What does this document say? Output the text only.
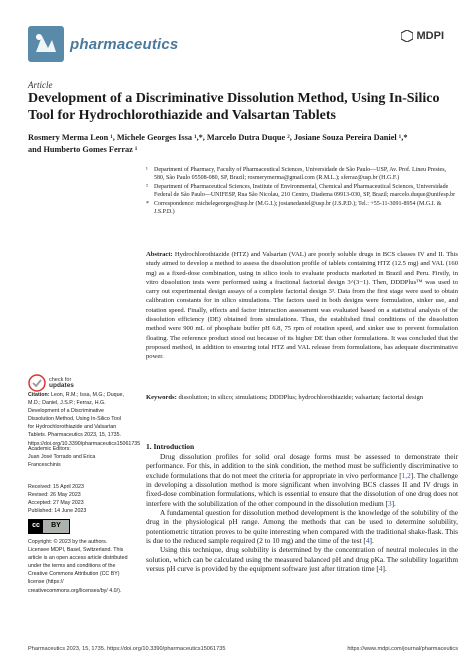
pharmaceutics	MDPI
Article
Development of a Discriminative Dissolution Method, Using In-Silico Tool for Hydrochlorothiazide and Valsartan Tablets
Rosmery Merma Leon ¹, Michele Georges Issa ¹,*, Marcelo Dutra Duque ², Josiane Souza Pereira Daniel ¹,*
and Humberto Gomes Ferraz ¹
¹	Department of Pharmacy, Faculty of Pharmaceutical Sciences, Universidade de São Paulo—USP, Av. Prof. Lineu Prestes, 580, São Paulo 05508-080, SP, Brazil; rosmerymerma@gmail.com (R.M.L.); sferraz@usp.br (H.G.F.)
²	Department of Pharmaceutical Sciences, Institute of Environmental, Chemical and Pharmaceutical Sciences, Universidade Federal de São Paulo—UNIFESP, Rua São Nicolau, 210 Centro, Diadema 09913-030, SP, Brazil; marcelo.duque@unifesp.br
* Correspondence: michelegeorges@usp.br (M.G.I.); josianedaniel@usp.br (J.S.P.D.); Tel.: +55-11-3091-8954 (M.G.I. & J.S.P.D.)
Abstract: Hydrochlorothiazide (HTZ) and Valsartan (VAL) are poorly soluble drugs in BCS classes IV and II. This study aimed to develop a method to assess the dissolution profile of tablets containing HTZ (12.5 mg) and VAL (160 mg) as a fixed-dose combination, using in silico tools to evaluate products marketed in Brazil and Peru. Firstly, in vitro dissolution tests were performed using a fractional factorial design 3^(3−1). Then, DDDPlus™ was used to carry out experimental design assays of a complete factorial design 3³. Data from the first stage were used to obtain calibration constants for in silico simulations. The factors used in both designs were formulation, sinker use, and rotation speed. Finally, effects and factor interaction assessment was evaluated based on a statistical analysis of the dissolution efficiency (DE) obtained from simulations. Thus, the established final conditions of the dissolution method were 900 mL of phosphate buffer pH 6.8, 75 rpm of rotation speed, and sinker use to prevent formulation floating. The reference product stood out because of its higher DE than other formulations. It was concluded that the proposed method, in addition to ensuring total HTZ and VAL release from formulations, has adequate discriminative power.
Keywords: dissolution; in silico; simulations; DDDPlus; hydrochlorothiazide; valsartan; factorial design
check for
updates
Citation: Leon, R.M.; Issa, M.G.; Duque, M.D.; Daniel, J.S.P.; Ferraz, H.G. Development of a Discriminative Dissolution Method, Using In-Silico Tool for Hydrochlorothiazide and Valsartan Tablets. Pharmaceutics 2023, 15, 1735. https://doi.org/10.3390/pharmaceutics15061735
Academic Editors:
Juan José Torrado and Erica Franceschinis
Received: 15 April 2023
Revised: 26 May 2023
Accepted: 27 May 2023
Published: 14 June 2023
cc	BY
Copyright: © 2023 by the authors. Licensee MDPI, Basel, Switzerland. This article is an open access article distributed under the terms and conditions of the Creative Commons Attribution (CC BY) license (https:// creativecommons.org/licenses/by/ 4.0/).
1. Introduction

Drug dissolution profiles for solid oral dosage forms must be assessed to demonstrate their performance. For this, in addition to the sink condition, the method must be sufficiently discriminative to exclude formulations that do not meet the criteria for appropriate in vivo performance [1,2]. The challenge in developing a dissolution method is more significant when involving BCS classes II and IV drugs in fixed-dose combination formulations, which is essential to ensure that the dissolution of one drug does not interfere with the solubilization of the other compound in the dissolution medium [3].

A fundamental question for dissolution method development is the knowledge of the solubility of the drug in the physiological pH range. Among the methods that can be used to determine solubility, potentiometric titration proves to be quite interesting when compared with the traditional shake-flask. This is due to the reduced sample required (2 to 10 mg) and the time of the test [4].

Using this technique, drug solubility is determined by the concentration of neutral molecules in the solution, which can be calculated using the measured balanced pH and drug pKa. The solubility logarithm versus pH curve is provided by the equipment software just after titration time [4].

Pharmaceutics 2023, 15, 1735. https://doi.org/10.3390/pharmaceutics15061735	https://www.mdpi.com/journal/pharmaceutics
